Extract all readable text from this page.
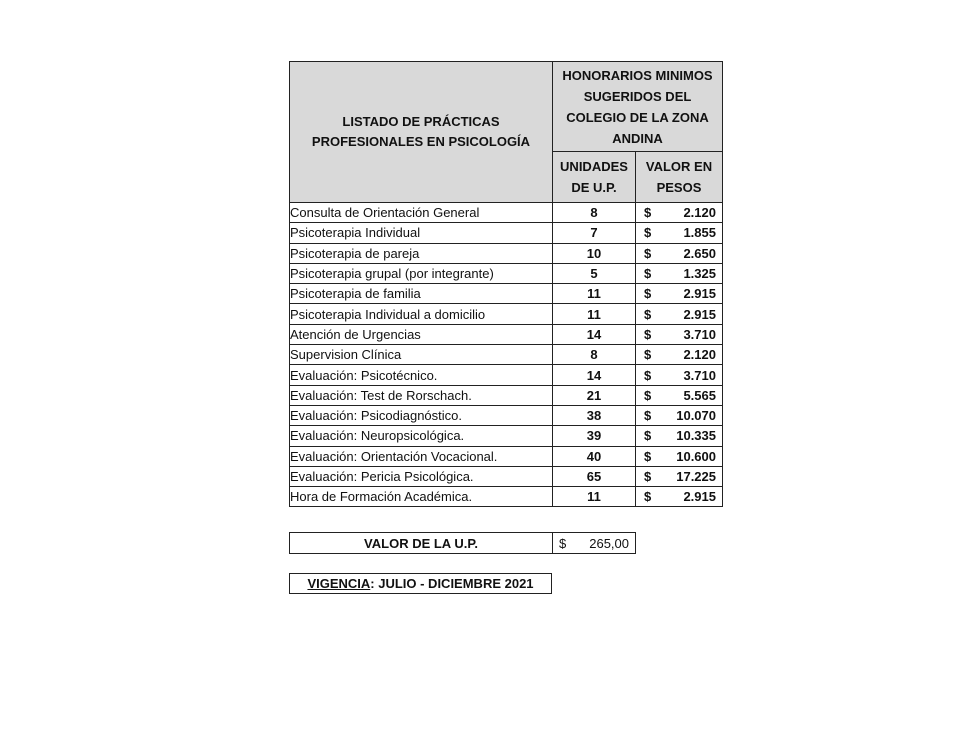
LISTADO DE PRÁCTICAS PROFESIONALES EN PSICOLOGÍA	HONORARIOS MINIMOS SUGERIDOS DEL COLEGIO DE LA ZONA ANDINA	
	UNIDADES DE U.P.	VALOR EN PESOS
Consulta de Orientación General	8	$ 2.120

Psicoterapia Individual	7	$ 1.855

Psicoterapia de pareja	10	$ 2.650

Psicoterapia grupal (por integrante)	5	$ 1.325

Psicoterapia de familia	11	$ 2.915

Psicoterapia Individual a domicilio	11	$ 2.915

Atención de Urgencias	14	$ 3.710

Supervision Clínica	8	$ 2.120

Evaluación: Psicotécnico.	14	$ 3.710

Evaluación: Test de Rorschach.	21	$ 5.565

Evaluación: Psicodiagnóstico.	38	$ 10.070

Evaluación: Neuropsicológica.	39	$ 10.335

Evaluación: Orientación Vocacional.	40	$ 10.600

Evaluación: Pericia Psicológica.	65	$ 17.225

Hora de Formación Académica.	11	$ 2.915
VALOR DE LA U.P.	$ 265,00
VIGENCIA: JULIO - DICIEMBRE 2021
